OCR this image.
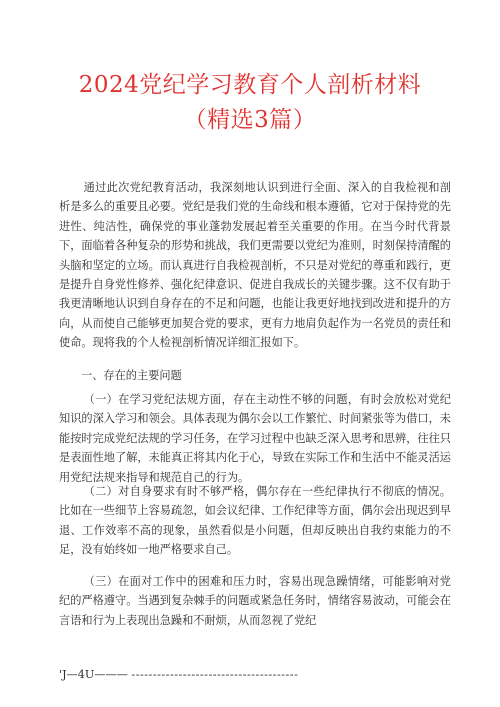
2024党纪学习教育个人剖析材料
（精选3篇）

通过此次党纪教育活动，我深刻地认识到进行全面、深入的自我检视和剖析是多么的重要且必要。党纪是我们党的生命线和根本遵循，它对于保持党的先进性、纯洁性，确保党的事业蓬勃发展起着至关重要的作用。在当今时代背景下，面临着各种复杂的形势和挑战，我们更需要以党纪为准则，时刻保持清醒的头脑和坚定的立场。而认真进行自我检视剖析，不只是对党纪的尊重和践行，更是提升自身党性修养、强化纪律意识、促进自我成长的关键步骤。这不仅有助于我更清晰地认识到自身存在的不足和问题，也能让我更好地找到改进和提升的方向，从而使自己能够更加契合党的要求，更有力地肩负起作为一名党员的责任和使命。现将我的个人检视剖析情况详细汇报如下。

一、存在的主要问题

（一）在学习党纪法规方面，存在主动性不够的问题，有时会放松对党纪知识的深入学习和领会。具体表现为偶尔会以工作繁忙、时间紧张等为借口，未能按时完成党纪法规的学习任务，在学习过程中也缺乏深入思考和思辨，往往只是表面性地了解，未能真正将其内化于心，导致在实际工作和生活中不能灵活运用党纪法规来指导和规范自己的行为。

（二）对自身要求有时不够严格，偶尔存在一些纪律执行不彻底的情况。比如在一些细节上容易疏忽，如会议纪律、工作纪律等方面，偶尔会出现迟到早退、工作效率不高的现象，虽然看似是小问题，但却反映出自我约束能力的不足，没有始终如一地严格要求自己。

（三）在面对工作中的困难和压力时，容易出现急躁情绪，可能影响对党纪的严格遵守。当遇到复杂棘手的问题或紧急任务时，情绪容易波动，可能会在言语和行为上表现出急躁和不耐烦，从而忽视了党纪

'J—4U——— ---------------------------------------
